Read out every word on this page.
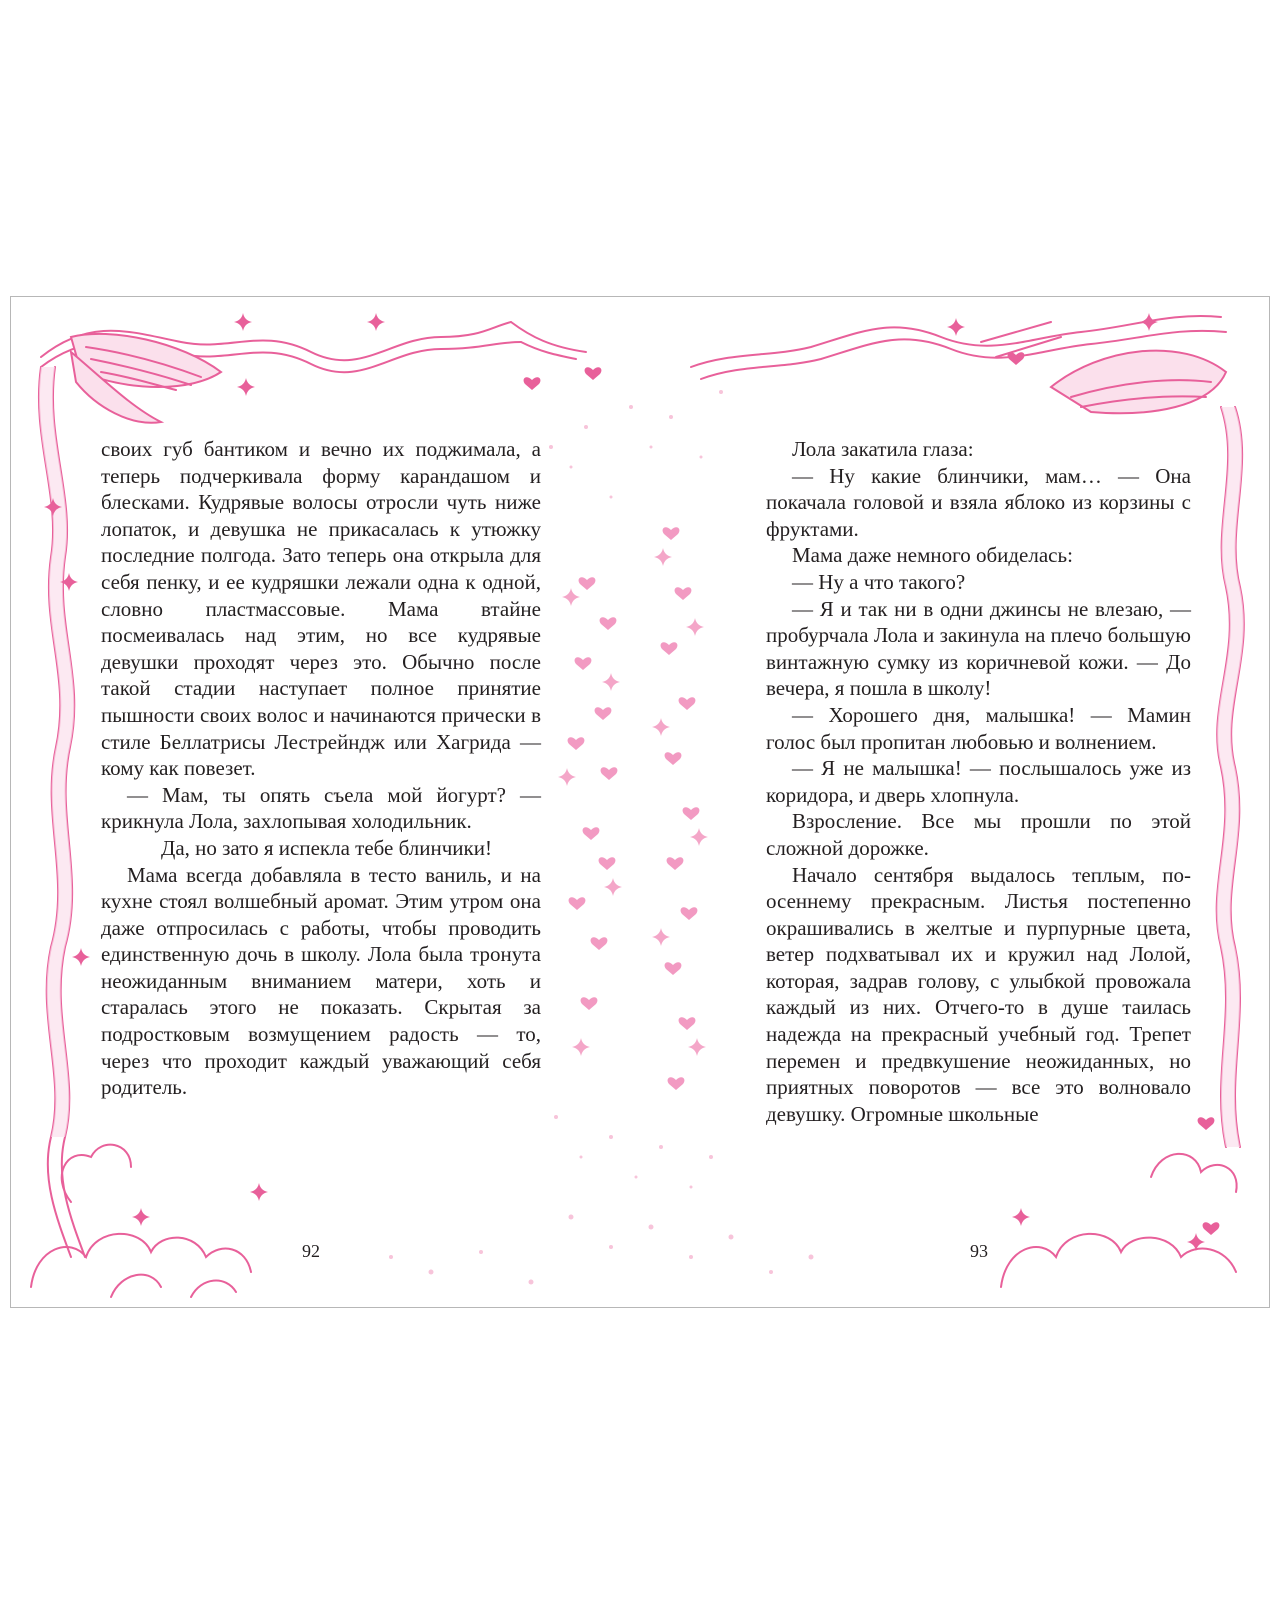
своих губ бантиком и вечно их поджимала, а теперь подчеркивала форму карандашом и блесками. Кудрявые волосы отросли чуть ниже лопаток, и девушка не прикасалась к утюжку последние полгода. Зато теперь она открыла для себя пенку, и ее кудряшки лежали одна к одной, словно пластмассовые. Мама втайне посмеивалась над этим, но все кудрявые девушки проходят через это. Обычно после такой стадии наступает полное принятие пышности своих волос и начинаются прически в стиле Беллатрисы Лестрейндж или Хагрида — кому как повезет.

— Мам, ты опять съела мой йогурт? — крикнула Лола, захлопывая холодильник.

Да, но зато я испекла тебе блинчики!

Мама всегда добавляла в тесто ваниль, и на кухне стоял волшебный аромат. Этим утром она даже отпросилась с работы, чтобы проводить единственную дочь в школу. Лола была тронута неожиданным вниманием матери, хоть и старалась этого не показать. Скрытая за подростковым возмущением радость — то, через что проходит каждый уважающий себя родитель.

Лола закатила глаза:

— Ну какие блинчики, мам… — Она покачала головой и взяла яблоко из корзины с фруктами.

Мама даже немного обиделась:

— Ну а что такого?

— Я и так ни в одни джинсы не влезаю, — пробурчала Лола и закинула на плечо большую винтажную сумку из коричневой кожи. — До вечера, я пошла в школу!

— Хорошего дня, малышка! — Мамин голос был пропитан любовью и волнением.

— Я не малышка! — послышалось уже из коридора, и дверь хлопнула.

Взросление. Все мы прошли по этой сложной дорожке.

Начало сентября выдалось теплым, по-осеннему прекрасным. Листья постепенно окрашивались в желтые и пурпурные цвета, ветер подхватывал их и кружил над Лолой, которая, задрав голову, с улыбкой провожала каждый из них. Отчего-то в душе таилась надежда на прекрасный учебный год. Трепет перемен и предвкушение неожиданных, но приятных поворотов — все это волновало девушку. Огромные школьные

92	93
